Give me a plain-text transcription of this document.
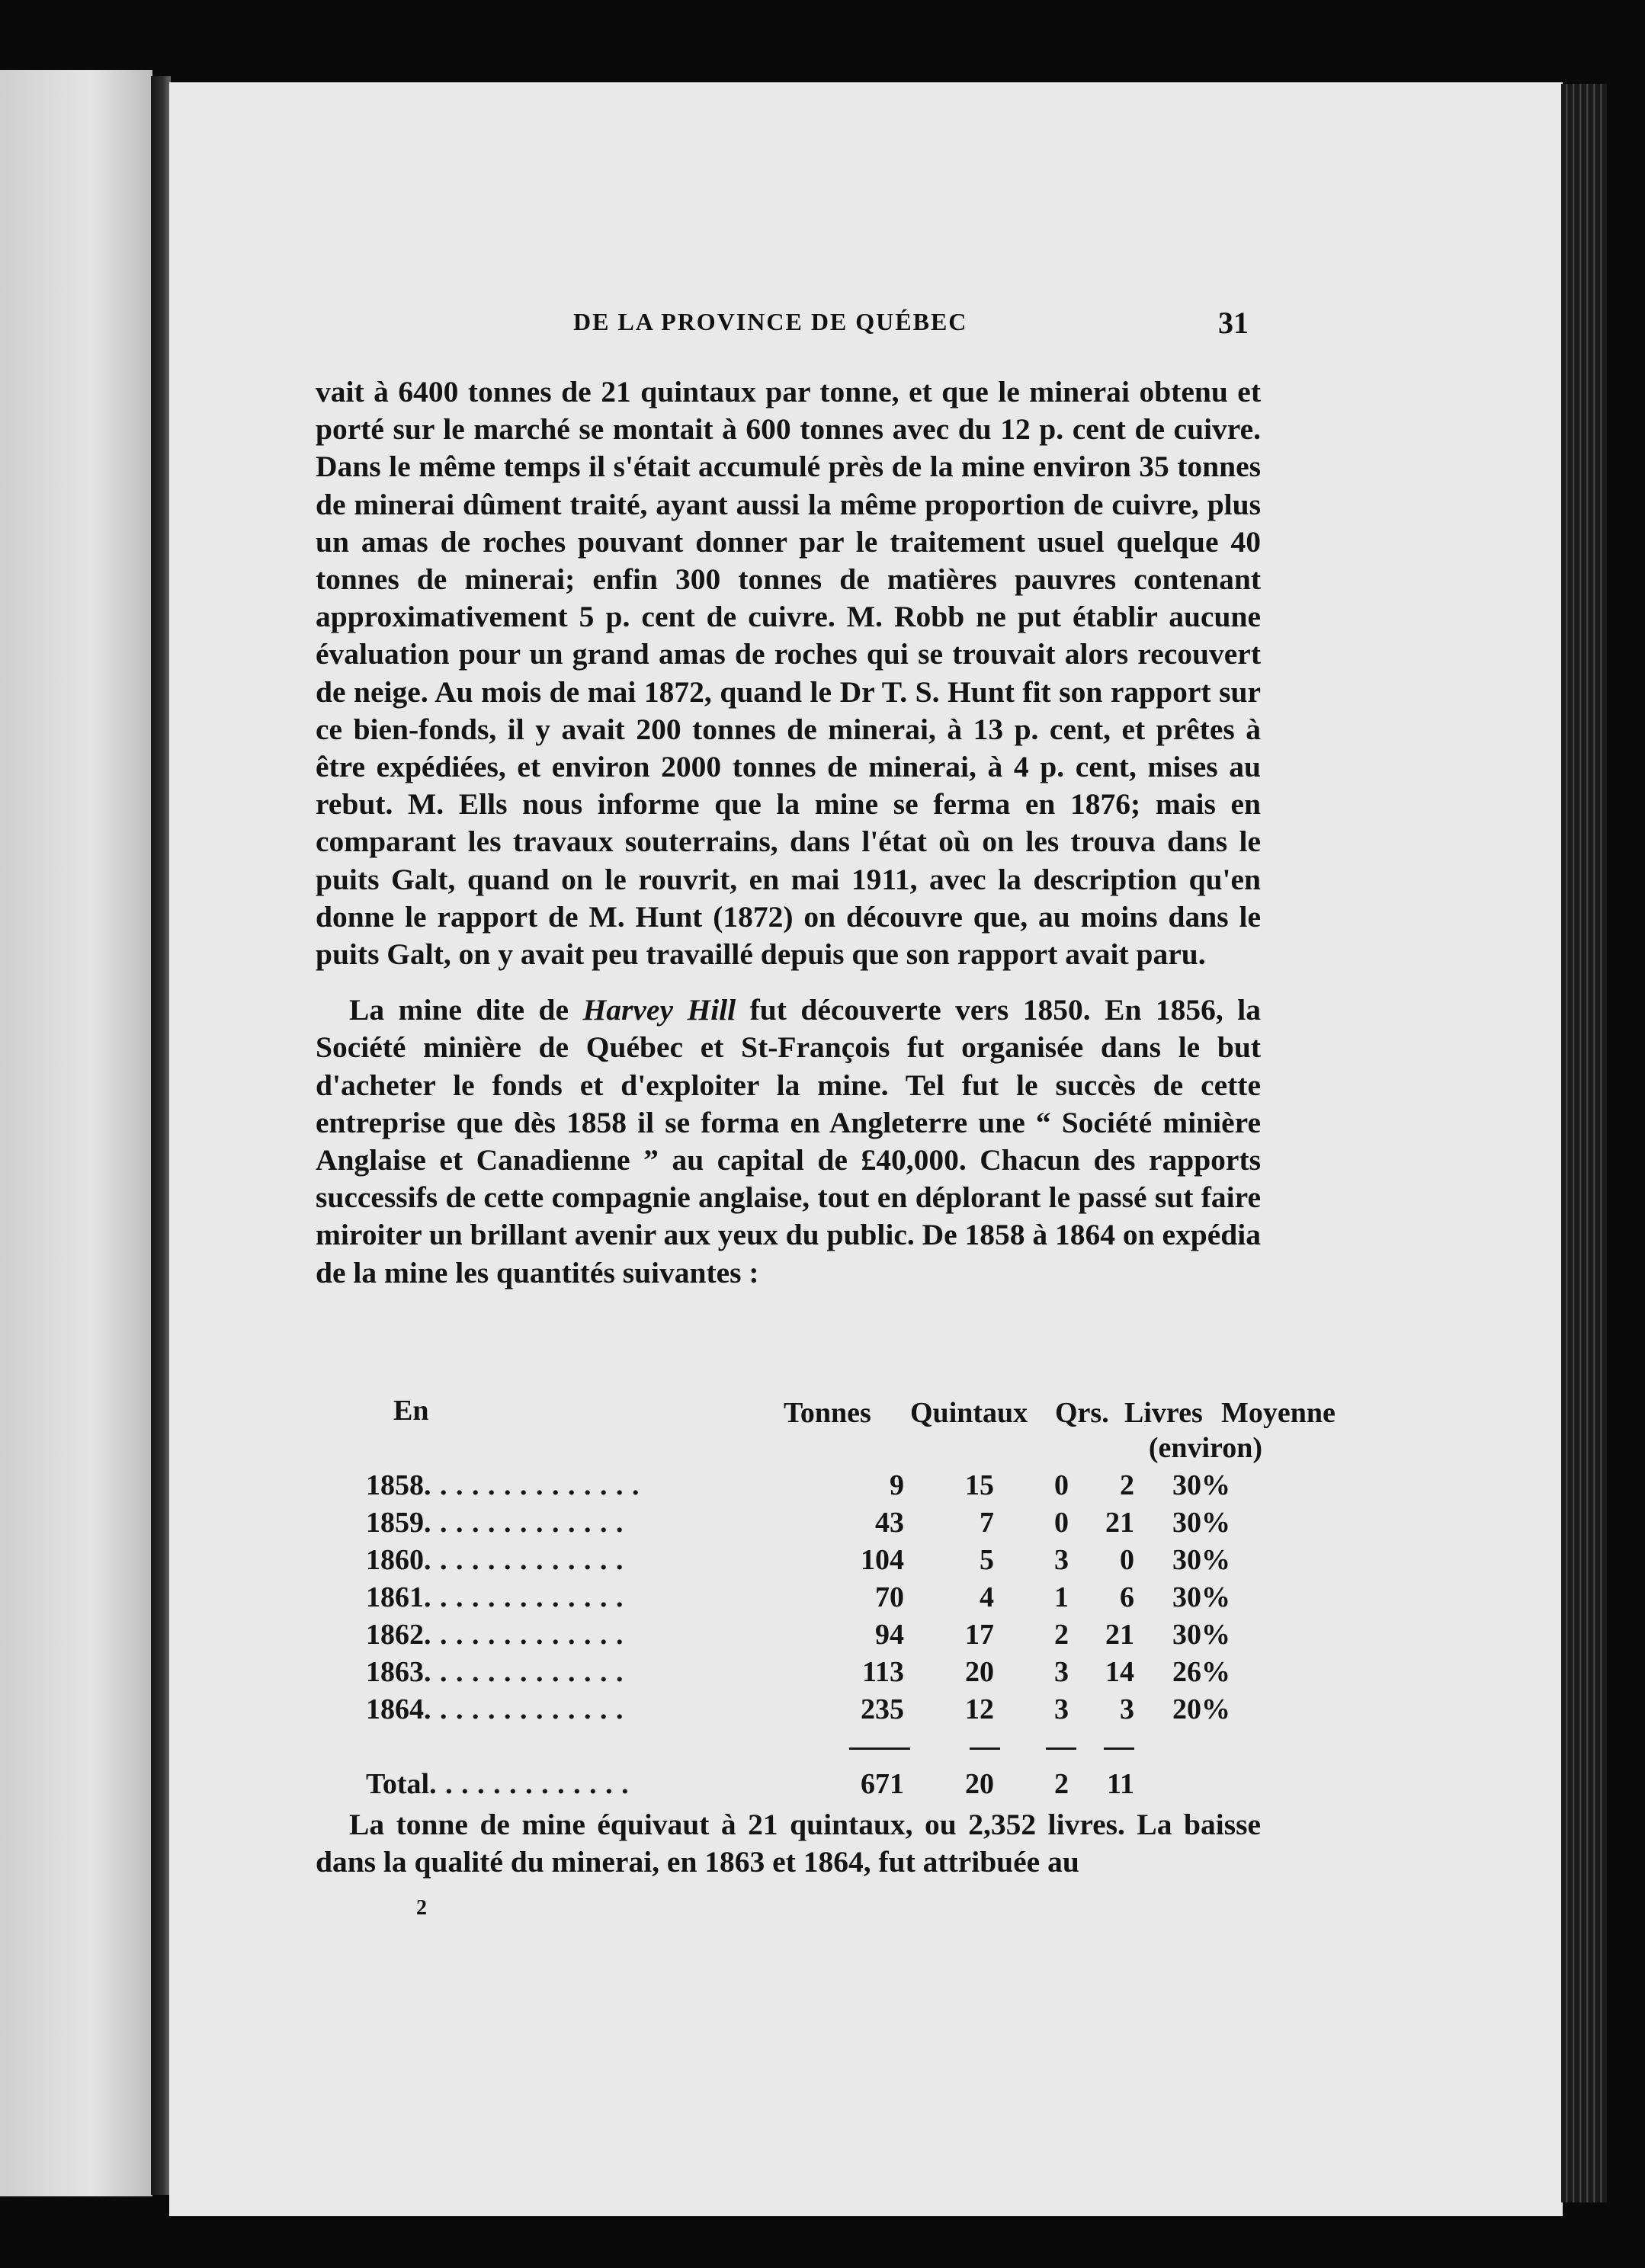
DE LA PROVINCE DE QUÉBEC	31

vait à 6400 tonnes de 21 quintaux par tonne, et que le minerai obtenu et porté sur le marché se montait à 600 tonnes avec du 12 p. cent de cuivre. Dans le même temps il s'était accumulé près de la mine environ 35 tonnes de minerai dûment traité, ayant aussi la même proportion de cuivre, plus un amas de roches pouvant donner par le traitement usuel quelque 40 tonnes de minerai; enfin 300 tonnes de matières pauvres contenant approximativement 5 p. cent de cuivre. M. Robb ne put établir aucune évaluation pour un grand amas de roches qui se trouvait alors recouvert de neige. Au mois de mai 1872, quand le Dr T. S. Hunt fit son rapport sur ce bien-fonds, il y avait 200 tonnes de minerai, à 13 p. cent, et prêtes à être expédiées, et environ 2000 tonnes de minerai, à 4 p. cent, mises au rebut. M. Ells nous informe que la mine se ferma en 1876; mais en comparant les travaux souterrains, dans l'état où on les trouva dans le puits Galt, quand on le rouvrit, en mai 1911, avec la description qu'en donne le rapport de M. Hunt (1872) on découvre que, au moins dans le puits Galt, on y avait peu travaillé depuis que son rapport avait paru.

La mine dite de Harvey Hill fut découverte vers 1850. En 1856, la Société minière de Québec et St-François fut organisée dans le but d'acheter le fonds et d'exploiter la mine. Tel fut le succès de cette entreprise que dès 1858 il se forma en Angleterre une “ Société minière Anglaise et Canadienne ” au capital de £40,000. Chacun des rapports successifs de cette compagnie anglaise, tout en déplorant le passé sut faire miroiter un brillant avenir aux yeux du public. De 1858 à 1864 on expédia de la mine les quantités suivantes :

En		Tonnes Quintaux Qrs. Livres Moyenne			

					(environ)
1858. . . . . . . . . . . . . .	9	15	0	2	30%
1859. . . . . . . . . . . . .	43	7	0	21	30%
1860. . . . . . . . . . . . .	104	5	3	0	30%
1861. . . . . . . . . . . . .	70	4	1	6	30%
1862. . . . . . . . . . . . .	94	17	2	21	30%
1863. . . . . . . . . . . . .	113	20	3	14	26%
1864. . . . . . . . . . . . .	235	12	3	3	20%

Total. . . . . . . . . . . . .	671	20	2	11	

La tonne de mine équivaut à 21 quintaux, ou 2,352 livres. La baisse dans la qualité du minerai, en 1863 et 1864, fut attribuée au

2
